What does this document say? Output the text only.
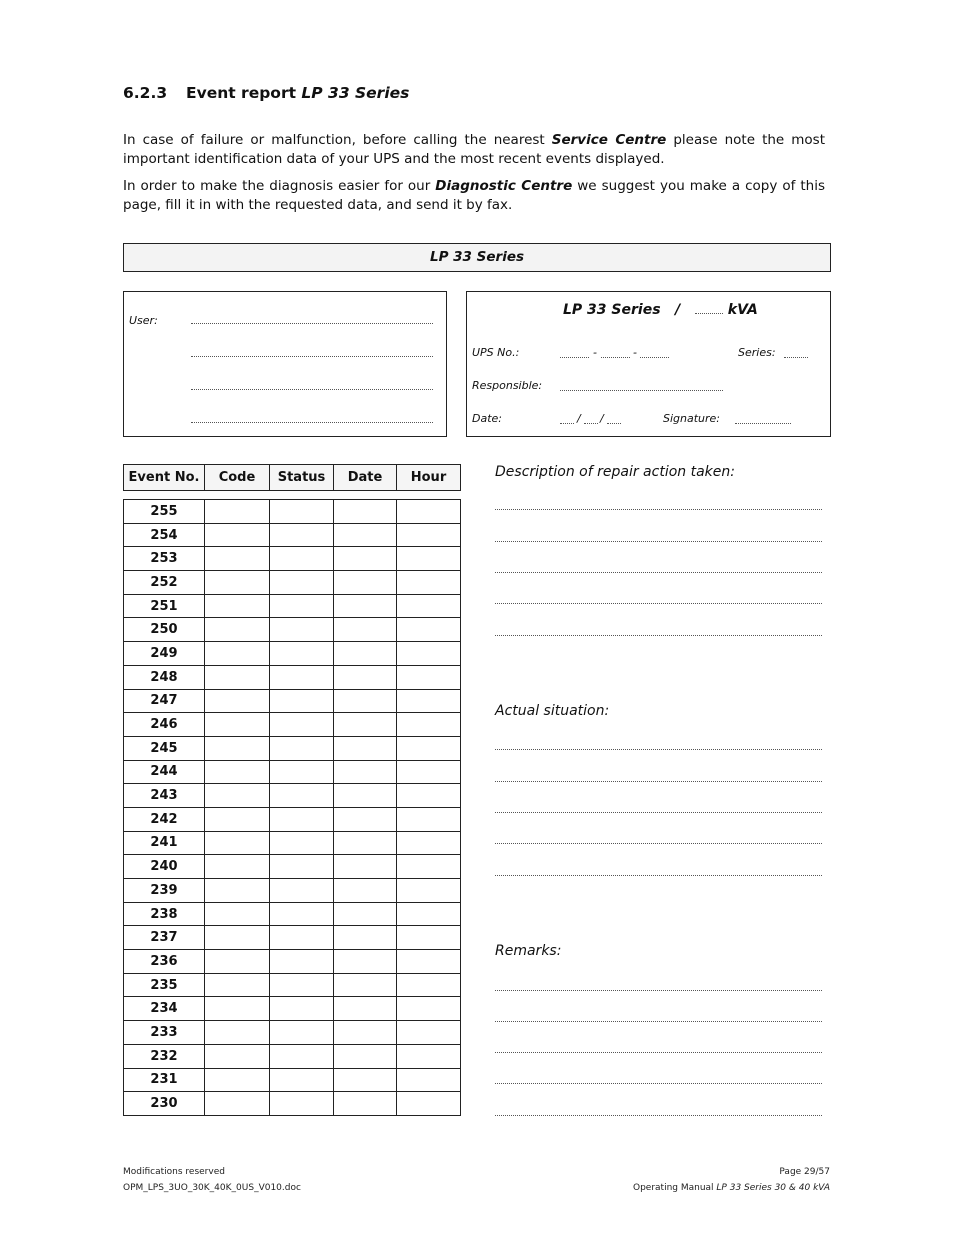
6.2.3 Event report LP 33 Series
In case of failure or malfunction, before calling the nearest Service Centre please note the most important identification data of your UPS and the most recent events displayed.
In order to make the diagnosis easier for our Diagnostic Centre we suggest you make a copy of this page, fill it in with the requested data, and send it by fax.
LP 33 Series
User:
LP 33 Series /	kVA
UPS No.:	-	-	Series:
Responsible:
Date:	/ /	Signature:
Event No.	Code	Status	Date	Hour
255				
254				
253				
252				
251				
250				
249				
248				
247				
246				
245				
244				
243				
242				
241				
240				
239				
238				
237				
236				
235				
234				
233				
232				
231				
230				
Description of repair action taken:
Actual situation:
Remarks:
Modifications reserved
OPM_LPS_3UO_30K_40K_0US_V010.doc
Page 29/57
Operating Manual LP 33 Series 30 & 40 kVA
